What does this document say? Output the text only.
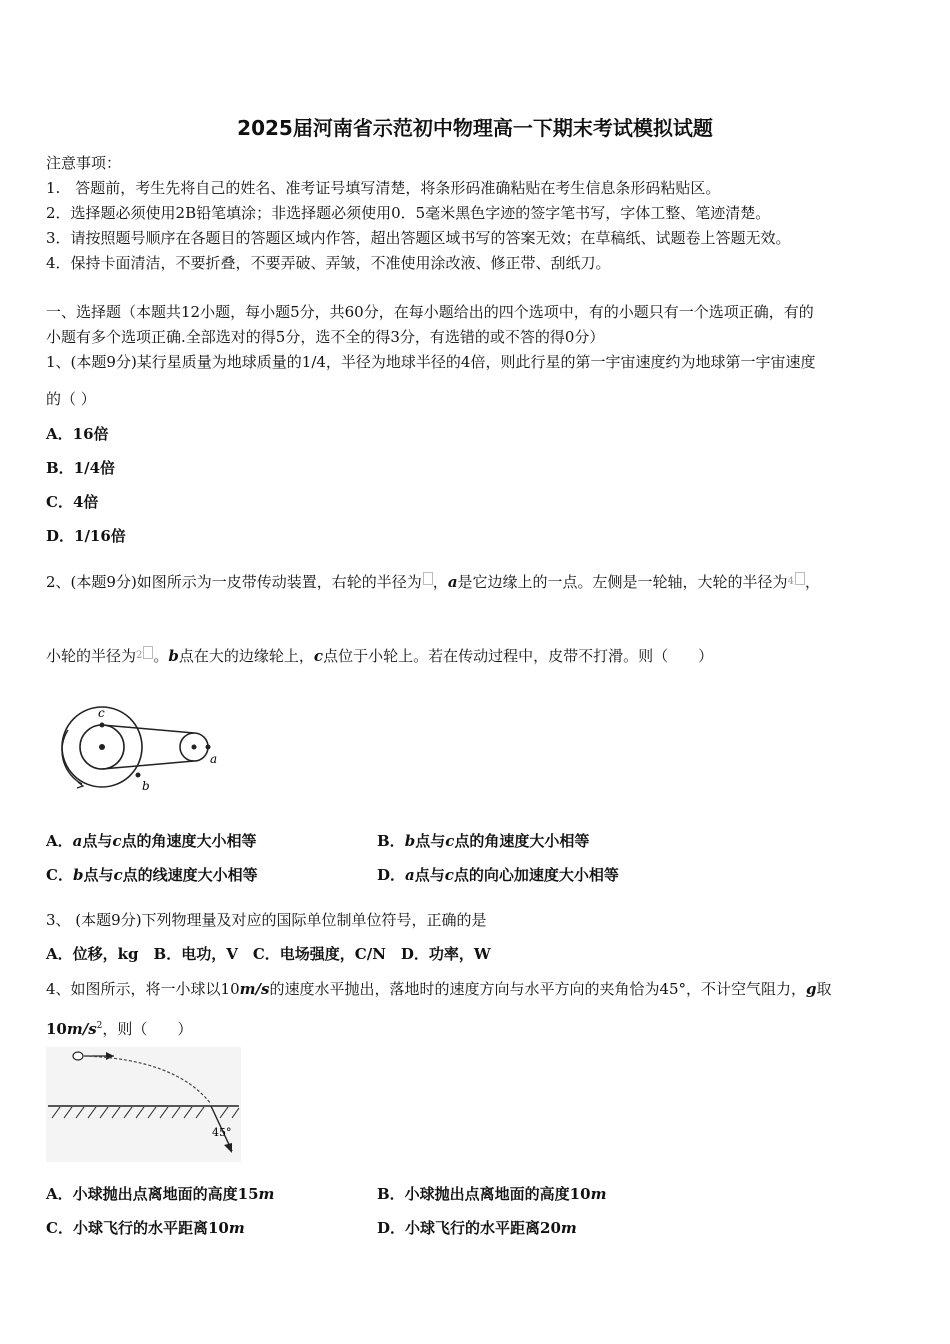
2025届河南省示范初中物理高一下期末考试模拟试题
注意事项：
1.　答题前，考生先将自己的姓名、准考证号填写清楚，将条形码准确粘贴在考生信息条形码粘贴区。
2．选择题必须使用2B铅笔填涂；非选择题必须使用0．5毫米黑色字迹的签字笔书写，字体工整、笔迹清楚。
3．请按照题号顺序在各题目的答题区域内作答，超出答题区域书写的答案无效；在草稿纸、试题卷上答题无效。
4．保持卡面清洁，不要折叠，不要弄破、弄皱，不准使用涂改液、修正带、刮纸刀。
一、选择题（本题共12小题，每小题5分，共60分，在每小题给出的四个选项中，有的小题只有一个选项正确，有的
小题有多个选项正确.全部选对的得5分，选不全的得3分，有选错的或不答的得0分）
1、(本题9分)某行星质量为地球质量的1/4，半径为地球半径的4倍，则此行星的第一宇宙速度约为地球第一宇宙速度
的（ ）
A．16倍
B．1/4倍
C．4倍
D．1/16倍
2、(本题9分)如图所示为一皮带传动装置，右轮的半径为 ，a是它边缘上的一点。左侧是一轮轴，大轮的半径为$^4$ ，
小轮的半径为$^2$ 。b点在大的边缘轮上，c点位于小轮上。若在传动过程中，皮带不打滑。则（　　）
c
b
a
A．a点与c点的角速度大小相等	B．b点与c点的角速度大小相等
C．b点与c点的线速度大小相等	D．a点与c点的向心加速度大小相等
3、 (本题9分)下列物理量及对应的国际单位制单位符号，正确的是
A．位移，kg　B．电功，V　C．电场强度，C/N　D．功率，W
4、如图所示，将一小球以10m/s的速度水平抛出，落地时的速度方向与水平方向的夹角恰为45°，不计空气阻力，g取
$10m/s^2$，则（　　）
45°
A．小球抛出点离地面的高度15m	B．小球抛出点离地面的高度10m
C．小球飞行的水平距离10m	D．小球飞行的水平距离20m
